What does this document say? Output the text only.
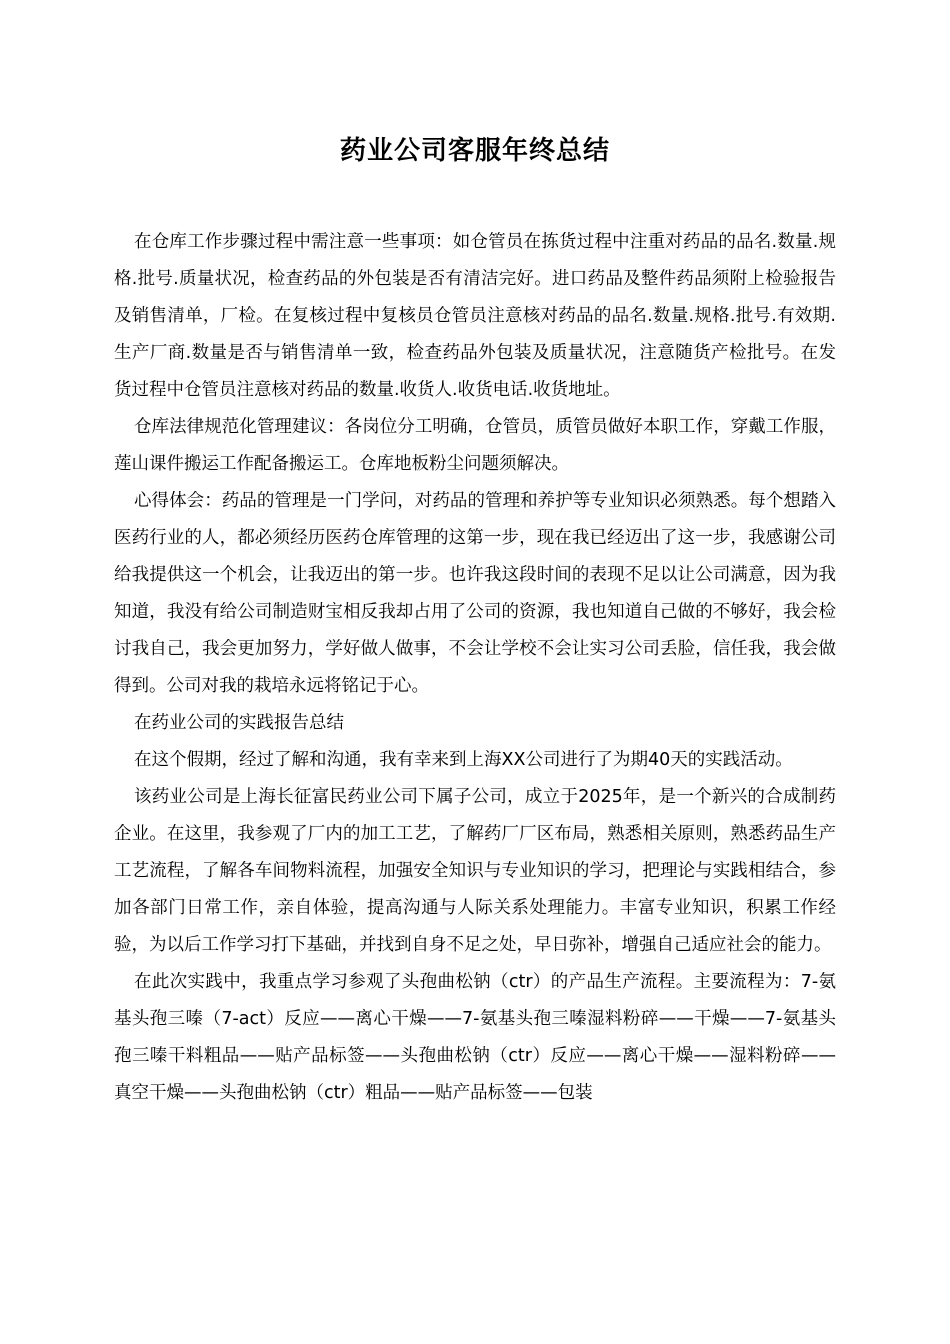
药业公司客服年终总结

在仓库工作步骤过程中需注意一些事项：如仓管员在拣货过程中注重对药品的品名.数量.规格.批号.质量状况，检查药品的外包装是否有清洁完好。进口药品及整件药品须附上检验报告及销售清单，厂检。在复核过程中复核员仓管员注意核对药品的品名.数量.规格.批号.有效期.生产厂商.数量是否与销售清单一致，检查药品外包装及质量状况，注意随货产检批号。在发货过程中仓管员注意核对药品的数量.收货人.收货电话.收货地址。

仓库法律规范化管理建议：各岗位分工明确，仓管员，质管员做好本职工作，穿戴工作服，莲山课件搬运工作配备搬运工。仓库地板粉尘问题须解决。

心得体会：药品的管理是一门学问，对药品的管理和养护等专业知识必须熟悉。每个想踏入医药行业的人，都必须经历医药仓库管理的这第一步，现在我已经迈出了这一步，我感谢公司给我提供这一个机会，让我迈出的第一步。也许我这段时间的表现不足以让公司满意，因为我知道，我没有给公司制造财宝相反我却占用了公司的资源，我也知道自己做的不够好，我会检讨我自己，我会更加努力，学好做人做事，不会让学校不会让实习公司丢脸，信任我，我会做得到。公司对我的栽培永远将铭记于心。

在药业公司的实践报告总结

在这个假期，经过了解和沟通，我有幸来到上海XX公司进行了为期40天的实践活动。

该药业公司是上海长征富民药业公司下属子公司，成立于2025年，是一个新兴的合成制药企业。在这里，我参观了厂内的加工工艺，了解药厂厂区布局，熟悉相关原则，熟悉药品生产工艺流程，了解各车间物料流程，加强安全知识与专业知识的学习，把理论与实践相结合，参加各部门日常工作，亲自体验，提高沟通与人际关系处理能力。丰富专业知识，积累工作经验，为以后工作学习打下基础，并找到自身不足之处，早日弥补，增强自己适应社会的能力。

在此次实践中，我重点学习参观了头孢曲松钠（ctr）的产品生产流程。主要流程为：7-氨基头孢三嗪（7-act）反应——离心干燥——7-氨基头孢三嗪湿料粉碎——干燥——7-氨基头孢三嗪干料粗品——贴产品标签——头孢曲松钠（ctr）反应——离心干燥——湿料粉碎——真空干燥——头孢曲松钠（ctr）粗品——贴产品标签——包装
